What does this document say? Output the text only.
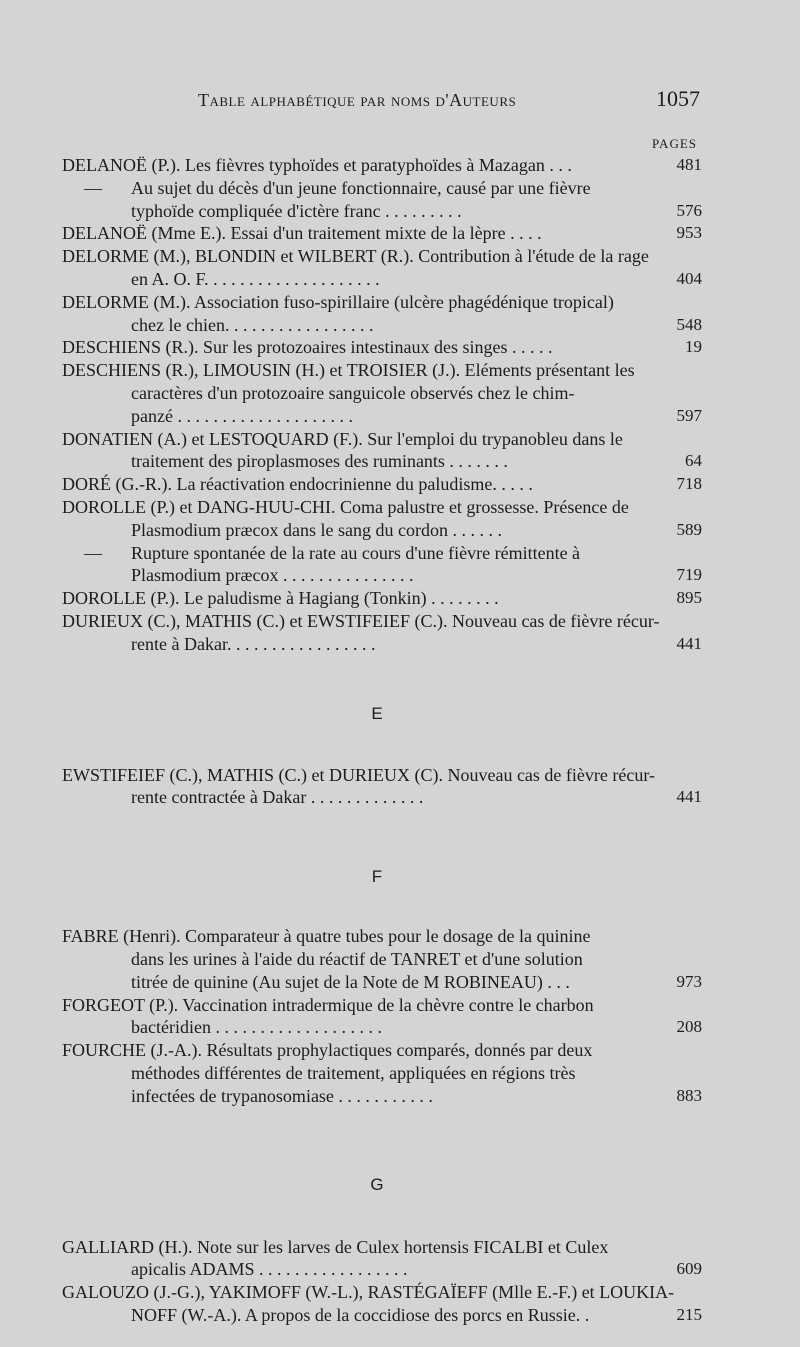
Table alphabétique par noms d'Auteurs	1057
PAGES
DELANOË (P.). Les fièvres typhoïdes et paratyphoïdes à Mazagan . . .	481
— Au sujet du décès d'un jeune fonctionnaire, causé par une fièvre
typhoïde compliquée d'ictère franc . . . . . . . . .	576
DELANOË (Mme E.). Essai d'un traitement mixte de la lèpre . . . .	953
DELORME (M.), BLONDIN et WILBERT (R.). Contribution à l'étude de la rage
en A. O. F. . . . . . . . . . . . . . . . . . . .	404
DELORME (M.). Association fuso-spirillaire (ulcère phagédénique tropical)
chez le chien. . . . . . . . . . . . . . . . .	548
DESCHIENS (R.). Sur les protozoaires intestinaux des singes . . . . .	19
DESCHIENS (R.), LIMOUSIN (H.) et TROISIER (J.). Eléments présentant les
caractères d'un protozoaire sanguicole observés chez le chim-
panzé . . . . . . . . . . . . . . . . . . . .	597
DONATIEN (A.) et LESTOQUARD (F.). Sur l'emploi du trypanobleu dans le
traitement des piroplasmoses des ruminants . . . . . . .	64
DORÉ (G.-R.). La réactivation endocrinienne du paludisme. . . . .	718
DOROLLE (P.) et DANG-HUU-CHI. Coma palustre et grossesse. Présence de
Plasmodium præcox dans le sang du cordon . . . . . .	589
— Rupture spontanée de la rate au cours d'une fièvre rémittente à
Plasmodium præcox . . . . . . . . . . . . . . .	719
DOROLLE (P.). Le paludisme à Hagiang (Tonkin) . . . . . . . .	895
DURIEUX (C.), MATHIS (C.) et EWSTIFEIEF (C.). Nouveau cas de fièvre récur-
rente à Dakar. . . . . . . . . . . . . . . . .	441
E
EWSTIFEIEF (C.), MATHIS (C.) et DURIEUX (C). Nouveau cas de fièvre récur-
rente contractée à Dakar . . . . . . . . . . . . .	441
F
FABRE (Henri). Comparateur à quatre tubes pour le dosage de la quinine
dans les urines à l'aide du réactif de TANRET et d'une solution
titrée de quinine (Au sujet de la Note de M ROBINEAU) . . .	973
FORGEOT (P.). Vaccination intradermique de la chèvre contre le charbon
bactéridien . . . . . . . . . . . . . . . . . . .	208
FOURCHE (J.-A.). Résultats prophylactiques comparés, donnés par deux
méthodes différentes de traitement, appliquées en régions très
infectées de trypanosomiase . . . . . . . . . . .	883
G
GALLIARD (H.). Note sur les larves de Culex hortensis FICALBI et Culex
apicalis ADAMS . . . . . . . . . . . . . . . . .	609
GALOUZO (J.-G.), YAKIMOFF (W.-L.), RASTÉGAÏEFF (Mlle E.-F.) et LOUKIA-
NOFF (W.-A.). A propos de la coccidiose des porcs en Russie. .	215
